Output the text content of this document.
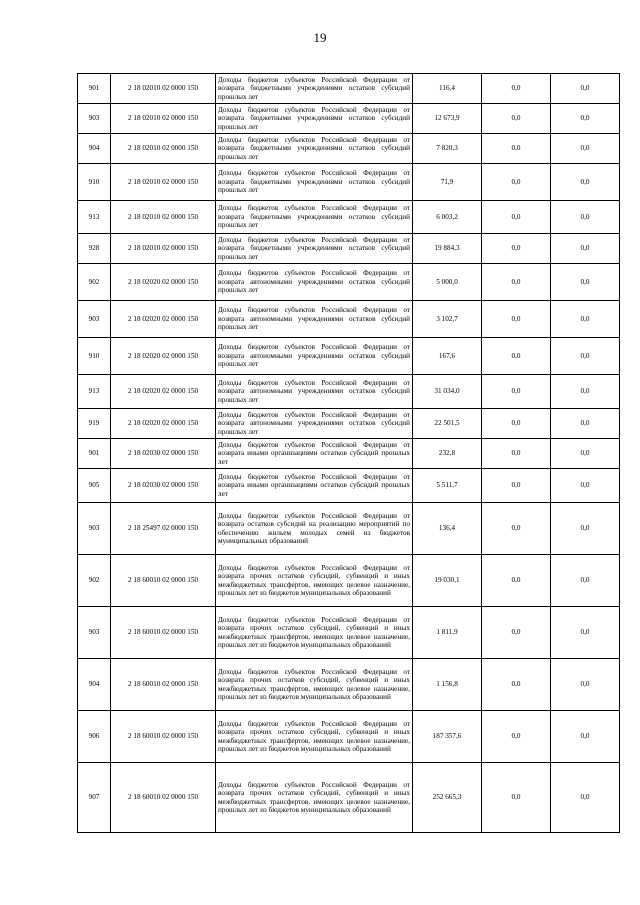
19
901	2 18 02010 02 0000 150	Доходы бюджетов субъектов Российской Федерации от возврата бюджетными учреждениями остатков субсидий прошлых лет	116,4	0,0	0,0
903	2 18 02010 02 0000 150	Доходы бюджетов субъектов Российской Федерации от возврата бюджетными учреждениями остатков субсидий прошлых лет	12 673,9	0,0	0,0
904	2 18 02010 02 0000 150	Доходы бюджетов субъектов Российской Федерации от возврата бюджетными учреждениями остатков субсидий прошлых лет	7 820,3	0,0	0,0
910	2 18 02010 02 0000 150	Доходы бюджетов субъектов Российской Федерации от возврата бюджетными учреждениями остатков субсидий прошлых лет	71,9	0,0	0,0
913	2 18 02010 02 0000 150	Доходы бюджетов субъектов Российской Федерации от возврата бюджетными учреждениями остатков субсидий прошлых лет	6 003,2	0,0	0,0
928	2 18 02010 02 0000 150	Доходы бюджетов субъектов Российской Федерации от возврата бюджетными учреждениями остатков субсидий прошлых лет	19 884,3	0,0	0,0
902	2 18 02020 02 0000 150	Доходы бюджетов субъектов Российской Федерации от возврата автономными учреждениями остатков субсидий прошлых лет	5 000,0	0,0	0,0
903	2 18 02020 02 0000 150	Доходы бюджетов субъектов Российской Федерации от возврата автономными учреждениями остатков субсидий прошлых лет	3 102,7	0,0	0,0
910	2 18 02020 02 0000 150	Доходы бюджетов субъектов Российской Федерации от возврата автономными учреждениями остатков субсидий прошлых лет	167,6	0,0	0,0
913	2 18 02020 02 0000 150	Доходы бюджетов субъектов Российской Федерации от возврата автономными учреждениями остатков субсидий прошлых лет	31 034,0	0,0	0,0
919	2 18 02020 02 0000 150	Доходы бюджетов субъектов Российской Федерации от возврата автономными учреждениями остатков субсидий прошлых лет	22 501,5	0,0	0,0
901	2 18 02030 02 0000 150	Доходы бюджетов субъектов Российской Федерации от возврата иными организациями остатков субсидий прошлых лет	232,8	0,0	0,0
905	2 18 02030 02 0000 150	Доходы бюджетов субъектов Российской Федерации от возврата иными организациями остатков субсидий прошлых лет	5 511,7	0,0	0,0
903	2 18 25497 02 0000 150	Доходы бюджетов субъектов Российской Федерации от возврата остатков субсидий на реализацию мероприятий по обеспечению жильем молодых семей из бюджетов муниципальных образований	136,4	0,0	0,0
902	2 18 60010 02 0000 150	Доходы бюджетов субъектов Российской Федерации от возврата прочих остатков субсидий, субвенций и иных межбюджетных трансфертов, имеющих целевое назначение, прошлых лет из бюджетов муниципальных образований	19 030,1	0,0	0,0
903	2 18 60010 02 0000 150	Доходы бюджетов субъектов Российской Федерации от возврата прочих остатков субсидий, субвенций и иных межбюджетных трансфертов, имеющих целевое назначение, прошлых лет из бюджетов муниципальных образований	1 811,9	0,0	0,0
904	2 18 60010 02 0000 150	Доходы бюджетов субъектов Российской Федерации от возврата прочих остатков субсидий, субвенций и иных межбюджетных трансфертов, имеющих целевое назначение, прошлых лет из бюджетов муниципальных образований	1 156,8	0,0	0,0
906	2 18 60010 02 0000 150	Доходы бюджетов субъектов Российской Федерации от возврата прочих остатков субсидий, субвенций и иных межбюджетных трансфертов, имеющих целевое назначение, прошлых лет из бюджетов муниципальных образований	187 357,6	0,0	0,0
907	2 18 60010 02 0000 150	Доходы бюджетов субъектов Российской Федерации от возврата прочих остатков субсидий, субвенций и иных межбюджетных трансфертов, имеющих целевое назначение, прошлых лет из бюджетов муниципальных образований	252 665,3	0,0	0,0
